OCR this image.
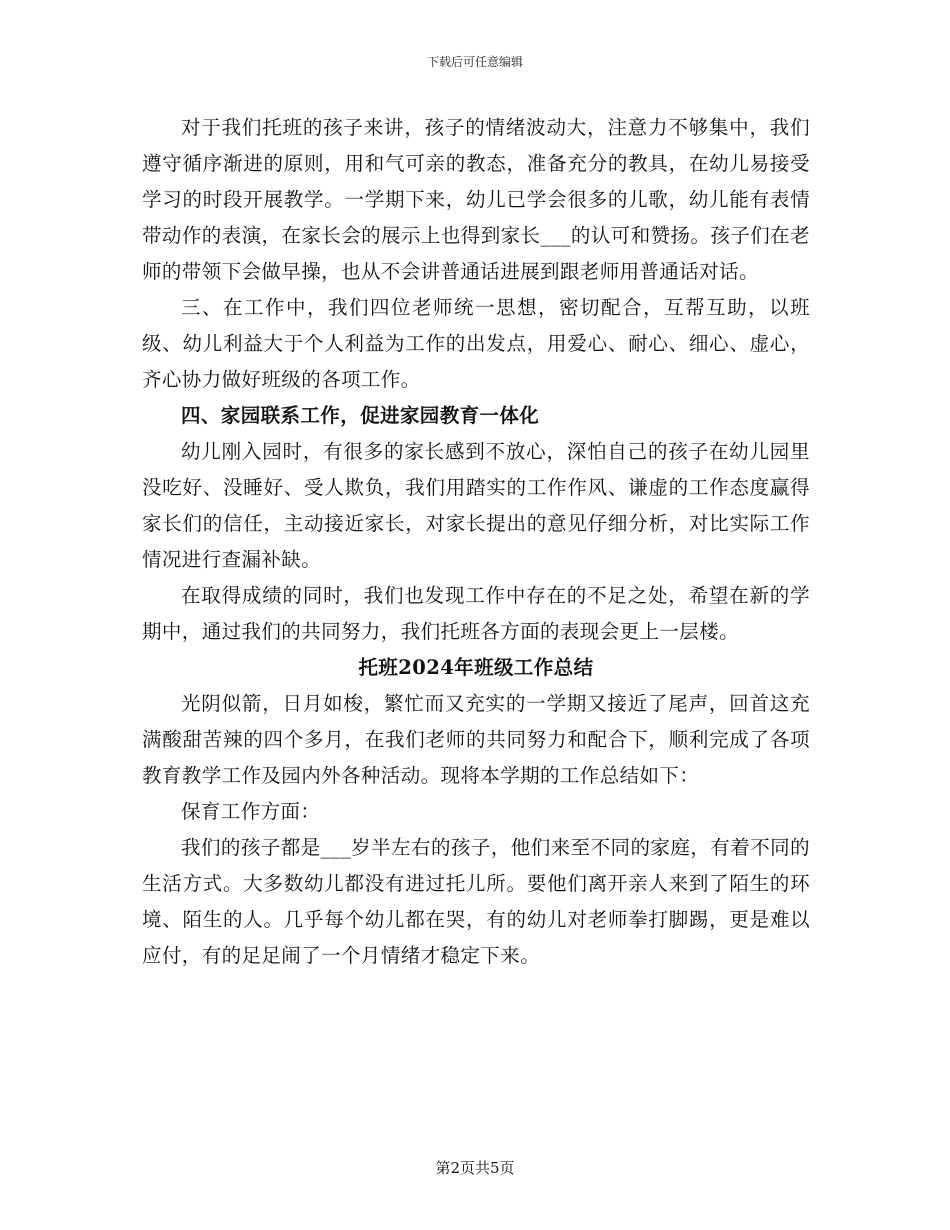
下载后可任意编辑

对于我们托班的孩子来讲，孩子的情绪波动大，注意力不够集中，我们遵守循序渐进的原则，用和气可亲的教态，准备充分的教具，在幼儿易接受学习的时段开展教学。一学期下来，幼儿已学会很多的儿歌，幼儿能有表情带动作的表演，在家长会的展示上也得到家长___的认可和赞扬。孩子们在老师的带领下会做早操，也从不会讲普通话进展到跟老师用普通话对话。

三、在工作中，我们四位老师统一思想，密切配合，互帮互助，以班级、幼儿利益大于个人利益为工作的出发点，用爱心、耐心、细心、虚心，齐心协力做好班级的各项工作。

四、家园联系工作，促进家园教育一体化

幼儿刚入园时，有很多的家长感到不放心，深怕自己的孩子在幼儿园里没吃好、没睡好、受人欺负，我们用踏实的工作作风、谦虚的工作态度赢得家长们的信任，主动接近家长，对家长提出的意见仔细分析，对比实际工作情况进行查漏补缺。

在取得成绩的同时，我们也发现工作中存在的不足之处，希望在新的学期中，通过我们的共同努力，我们托班各方面的表现会更上一层楼。

托班2024年班级工作总结

光阴似箭，日月如梭，繁忙而又充实的一学期又接近了尾声，回首这充满酸甜苦辣的四个多月，在我们老师的共同努力和配合下，顺利完成了各项教育教学工作及园内外各种活动。现将本学期的工作总结如下：

保育工作方面：

我们的孩子都是___岁半左右的孩子，他们来至不同的家庭，有着不同的生活方式。大多数幼儿都没有进过托儿所。要他们离开亲人来到了陌生的环境、陌生的人。几乎每个幼儿都在哭，有的幼儿对老师拳打脚踢，更是难以应付，有的足足闹了一个月情绪才稳定下来。

第2页共5页
